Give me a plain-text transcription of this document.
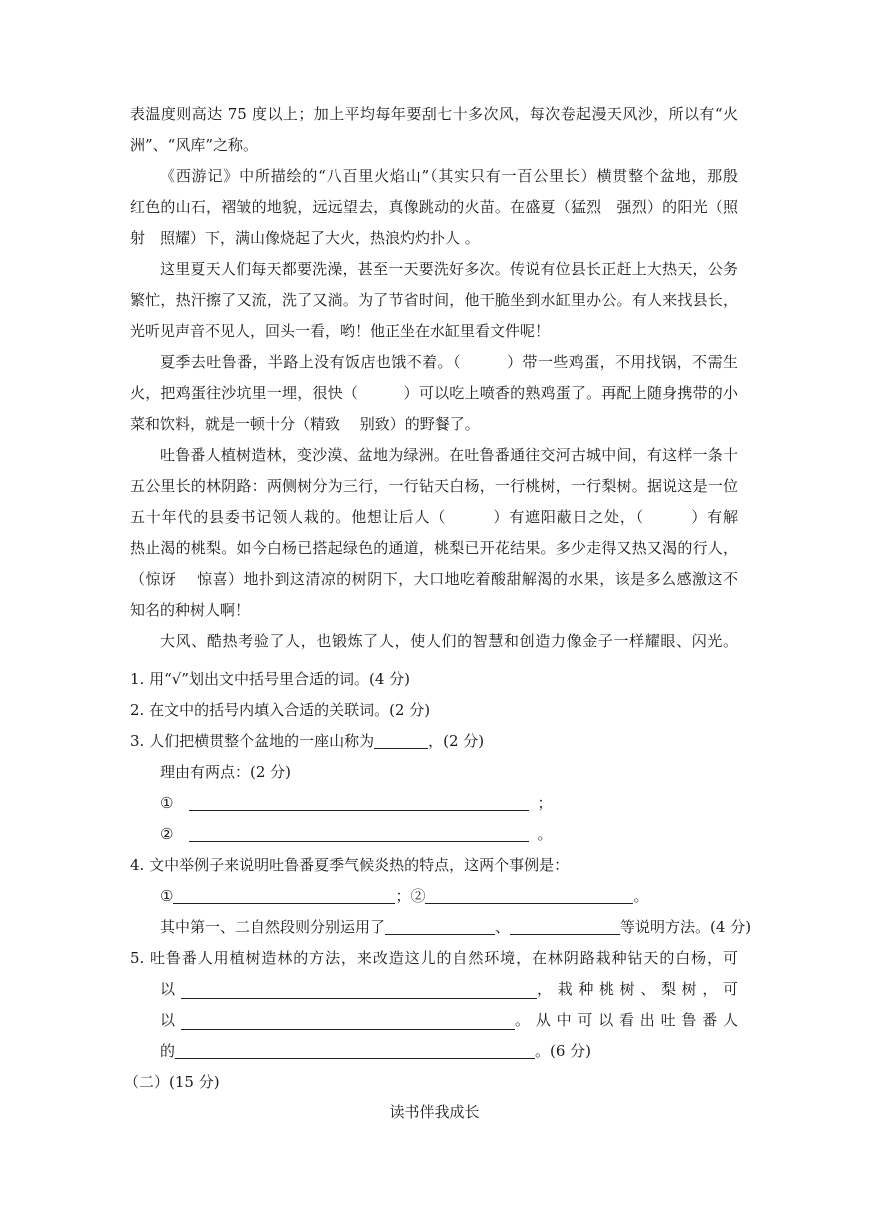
表温度则高达 75 度以上；加上平均每年要刮七十多次风，每次卷起漫天风沙，所以有“火
洲”、“风库”之称。
《西游记》中所描绘的“八百里火焰山”（其实只有一百公里长）横贯整个盆地，那殷
红色的山石，褶皱的地貌，远远望去，真像跳动的火苗。在盛夏（猛烈　强烈）的阳光（照
射　照耀）下，满山像烧起了大火，热浪灼灼扑人 。
这里夏天人们每天都要洗澡，甚至一天要洗好多次。传说有位县长正赶上大热天，公务
繁忙，热汗擦了又流，洗了又淌。为了节省时间，他干脆坐到水缸里办公。有人来找县长，
光听见声音不见人，回头一看，哟！他正坐在水缸里看文件呢！
夏季去吐鲁番，半路上没有饭店也饿不着。（　　　）带一些鸡蛋，不用找锅，不需生
火，把鸡蛋往沙坑里一埋，很快（　　　）可以吃上喷香的熟鸡蛋了。再配上随身携带的小
菜和饮料，就是一顿十分（精致　 别致）的野餐了。
吐鲁番人植树造林，变沙漠、盆地为绿洲。在吐鲁番通往交河古城中间，有这样一条十
五公里长的林阴路：两侧树分为三行，一行钻天白杨，一行桃树，一行梨树。据说这是一位
五十年代的县委书记领人栽的。他想让后人（　　　）有遮阳蔽日之处，（　　　）有解
热止渴的桃梨。如今白杨已搭起绿色的通道，桃梨已开花结果。多少走得又热又渴的行人，
（惊讶　 惊喜）地扑到这清凉的树阴下，大口地吃着酸甜解渴的水果，该是多么感激这不
知名的种树人啊！
大风、酷热考验了人，也锻炼了人，使人们的智慧和创造力像金子一样耀眼、闪光。
1. 用“√”划出文中括号里合适的词。(4 分)
2. 在文中的括号内填入合适的关联词。(2 分)
3. 人们把横贯整个盆地的一座山称为	，(2 分)
理由有两点：(2 分)
①	；
②	。
4. 文中举例子来说明吐鲁番夏季气候炎热的特点，这两个事例是：
①	；②	。
其中第一、二自然段则分别运用了	、	等说明方法。(4 分)
5. 吐鲁番人用植树造林的方法，来改造这儿的自然环境，在林阴路栽种钻天的白杨，可
以	，栽种桃树、梨树，可
以	。从中可以看出吐鲁番人
的	。(6 分)
（二）(15 分)
读书伴我成长
